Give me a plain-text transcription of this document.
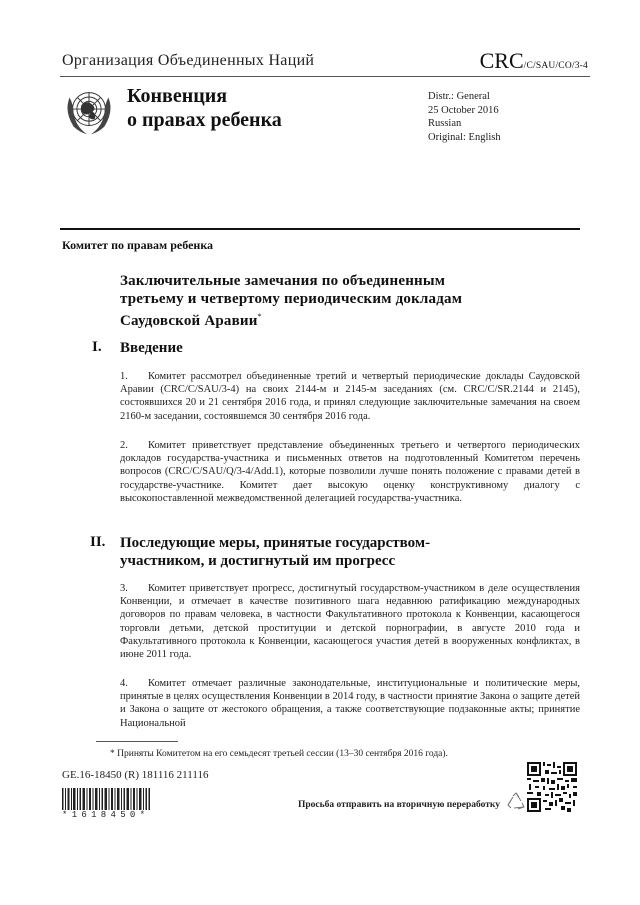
Организация Объединенных Наций	CRC/C/SAU/CO/3-4
Конвенция
о правах ребенка
Distr.: General
25 October 2016
Russian
Original: English
Комитет по правам ребенка
Заключительные замечания по объединенным
третьему и четвертому периодическим докладам
Саудовской Аравии*
I. Введение
1. Комитет рассмотрел объединенные третий и четвертый периодические доклады Саудовской Аравии (CRC/C/SAU/3-4) на своих 2144-м и 2145-м заседаниях (см. CRC/C/SR.2144 и 2145), состоявшихся 20 и 21 сентября 2016 года, и принял следующие заключительные замечания на своем 2160-м заседании, состоявшемся 30 сентября 2016 года.
2. Комитет приветствует представление объединенных третьего и четвертого периодических докладов государства-участника и письменных ответов на подготовленный Комитетом перечень вопросов (CRC/C/SAU/Q/3-4/Add.1), которые позволили лучше понять положение с правами детей в государстве-участнике. Комитет дает высокую оценку конструктивному диалогу с высокопоставленной межведомственной делегацией государства-участника.
II. Последующие меры, принятые государством-
участником, и достигнутый им прогресс
3. Комитет приветствует прогресс, достигнутый государством-участником в деле осуществления Конвенции, и отмечает в качестве позитивного шага недавнюю ратификацию международных договоров по правам человека, в частности Факультативного протокола к Конвенции, касающегося торговли детьми, детской проституции и детской порнографии, в августе 2010 года и Факультативного протокола к Конвенции, касающегося участия детей в вооруженных конфликтах, в июне 2011 года.
4. Комитет отмечает различные законодательные, институциональные и политические меры, принятые в целях осуществления Конвенции в 2014 году, в частности принятие Закона о защите детей и Закона о защите от жестокого обращения, а также соответствующие подзаконные акты; принятие Национальной
* Приняты Комитетом на его семьдесят третьей сессии (13–30 сентября 2016 года).
GE.16-18450 (R) 181116 211116
*1618450*
Просьба отправить на вторичную переработку
